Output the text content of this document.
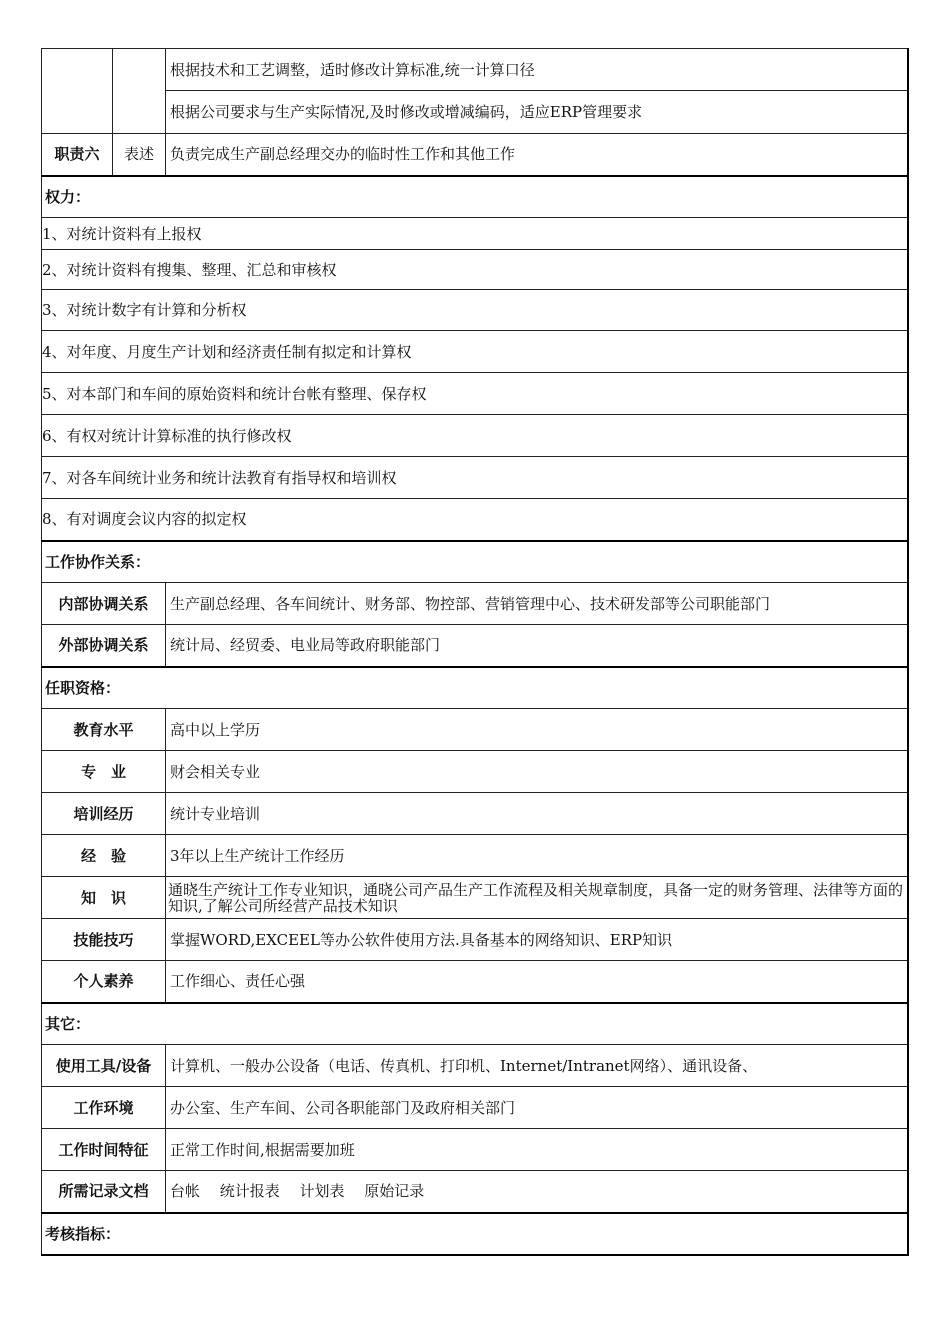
		根据技术和工艺调整，适时修改计算标准,统一计算口径
		根据公司要求与生产实际情况,及时修改或增减编码，适应ERP管理要求
职责六	表述	负责完成生产副总经理交办的临时性工作和其他工作
权力：		
1、对统计资料有上报权		
2、对统计资料有搜集、整理、汇总和审核权		
3、对统计数字有计算和分析权		
4、对年度、月度生产计划和经济责任制有拟定和计算权		
5、对本部门和车间的原始资料和统计台帐有整理、保存权		
6、有权对统计计算标准的执行修改权		
7、对各车间统计业务和统计法教育有指导权和培训权		
8、有对调度会议内容的拟定权		
工作协作关系：		
内部协调关系		生产副总经理、各车间统计、财务部、物控部、营销管理中心、技术研发部等公司职能部门
外部协调关系		统计局、经贸委、电业局等政府职能部门
任职资格：		
教育水平		高中以上学历
专　业		财会相关专业
培训经历		统计专业培训
经　验		3年以上生产统计工作经历
知　识		通晓生产统计工作专业知识，通晓公司产品生产工作流程及相关规章制度，具备一定的财务管理、法律等方面的知识,了解公司所经营产品技术知识
技能技巧		掌握WORD,EXCEEL等办公软件使用方法.具备基本的网络知识、ERP知识
个人素养		工作细心、责任心强
其它：		
使用工具/设备		计算机、一般办公设备（电话、传真机、打印机、Internet/Intranet网络）、通讯设备、
工作环境		办公室、生产车间、公司各职能部门及政府相关部门
工作时间特征		正常工作时间,根据需要加班
所需记录文档		台帐　 统计报表　 计划表　 原始记录
考核指标：		
